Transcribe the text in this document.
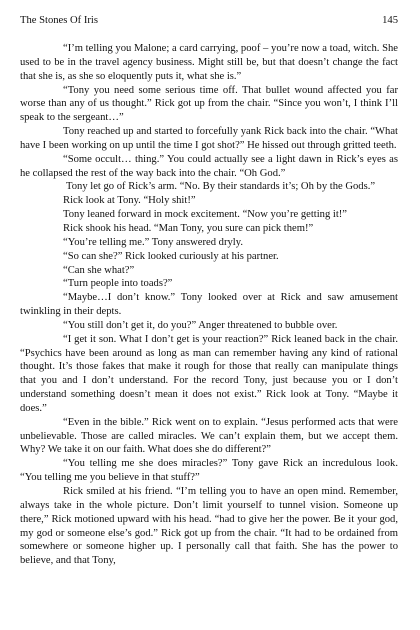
The Stones Of Iris	145

“I’m telling you Malone; a card carrying, poof – you’re now a toad, witch. She used to be in the travel agency business. Might still be, but that doesn’t change the fact that she is, as she so eloquently puts it, what she is.”

“Tony you need some serious time off. That bullet wound affected you far worse than any of us thought.” Rick got up from the chair. “Since you won’t, I think I’ll speak to the sergeant…”

Tony reached up and started to forcefully yank Rick back into the chair. “What have I been working on up until the time I got shot?” He hissed out through gritted teeth.

“Some occult… thing.” You could actually see a light dawn in Rick’s eyes as he collapsed the rest of the way back into the chair. “Oh God.”

Tony let go of Rick’s arm. “No. By their standards it’s; Oh by the Gods.”

Rick look at Tony. “Holy shit!”

Tony leaned forward in mock excitement. “Now you’re getting it!”

Rick shook his head. “Man Tony, you sure can pick them!”

“You’re telling me.” Tony answered dryly.

“So can she?” Rick looked curiously at his partner.

“Can she what?”

“Turn people into toads?”

“Maybe…I don’t know.” Tony looked over at Rick and saw amusement twinkling in their depts.

“You still don’t get it, do you?” Anger threatened to bubble over.

“I get it son. What I don’t get is your reaction?” Rick leaned back in the chair. “Psychics have been around as long as man can remember having any kind of rational thought. It’s those fakes that make it rough for those that really can manipulate things that you and I don’t understand. For the record Tony, just because you or I don’t understand something doesn’t mean it does not exist.” Rick look at Tony. “Maybe it does.”

“Even in the bible.” Rick went on to explain. “Jesus performed acts that were unbelievable. Those are called miracles. We can’t explain them, but we accept them. Why? We take it on our faith. What does she do different?”

“You telling me she does miracles?” Tony gave Rick an incredulous look. “You telling me you believe in that stuff?”

Rick smiled at his friend. “I’m telling you to have an open mind. Remember, always take in the whole picture. Don’t limit yourself to tunnel vision. Someone up there,” Rick motioned upward with his head. “had to give her the power. Be it your god, my god or someone else’s god.” Rick got up from the chair. “It had to be ordained from somewhere or someone higher up. I personally call that faith. She has the power to believe, and that Tony,
